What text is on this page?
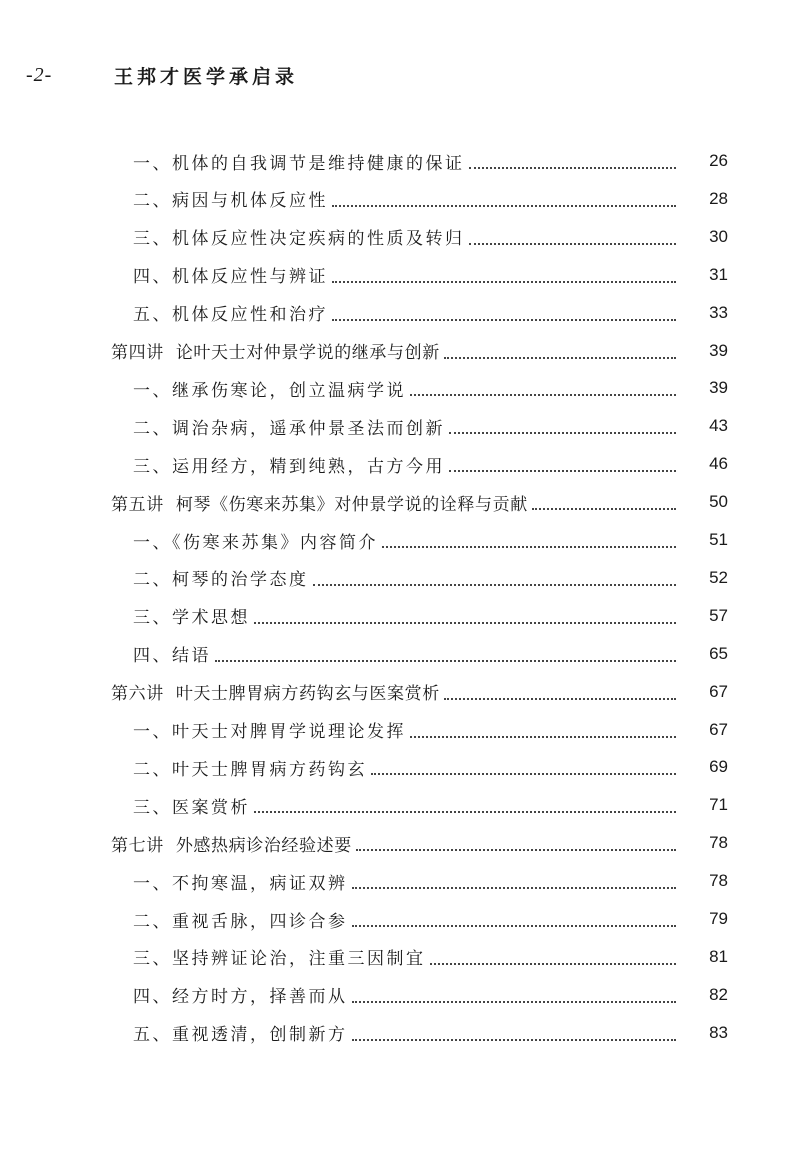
-2-	王邦才医学承启录
一、机体的自我调节是维持健康的保证	26
二、病因与机体反应性	28
三、机体反应性决定疾病的性质及转归	30
四、机体反应性与辨证	31
五、机体反应性和治疗	33
第四讲 论叶天士对仲景学说的继承与创新	39
一、继承伤寒论，创立温病学说	39
二、调治杂病，遥承仲景圣法而创新	43
三、运用经方，精到纯熟，古方今用	46
第五讲 柯琴《伤寒来苏集》对仲景学说的诠释与贡献	50
一、《伤寒来苏集》内容简介	51
二、柯琴的治学态度	52
三、学术思想	57
四、结语	65
第六讲 叶天士脾胃病方药钩玄与医案赏析	67
一、叶天士对脾胃学说理论发挥	67
二、叶天士脾胃病方药钩玄	69
三、医案赏析	71
第七讲 外感热病诊治经验述要	78
一、不拘寒温，病证双辨	78
二、重视舌脉，四诊合参	79
三、坚持辨证论治，注重三因制宜	81
四、经方时方，择善而从	82
五、重视透清，创制新方	83
